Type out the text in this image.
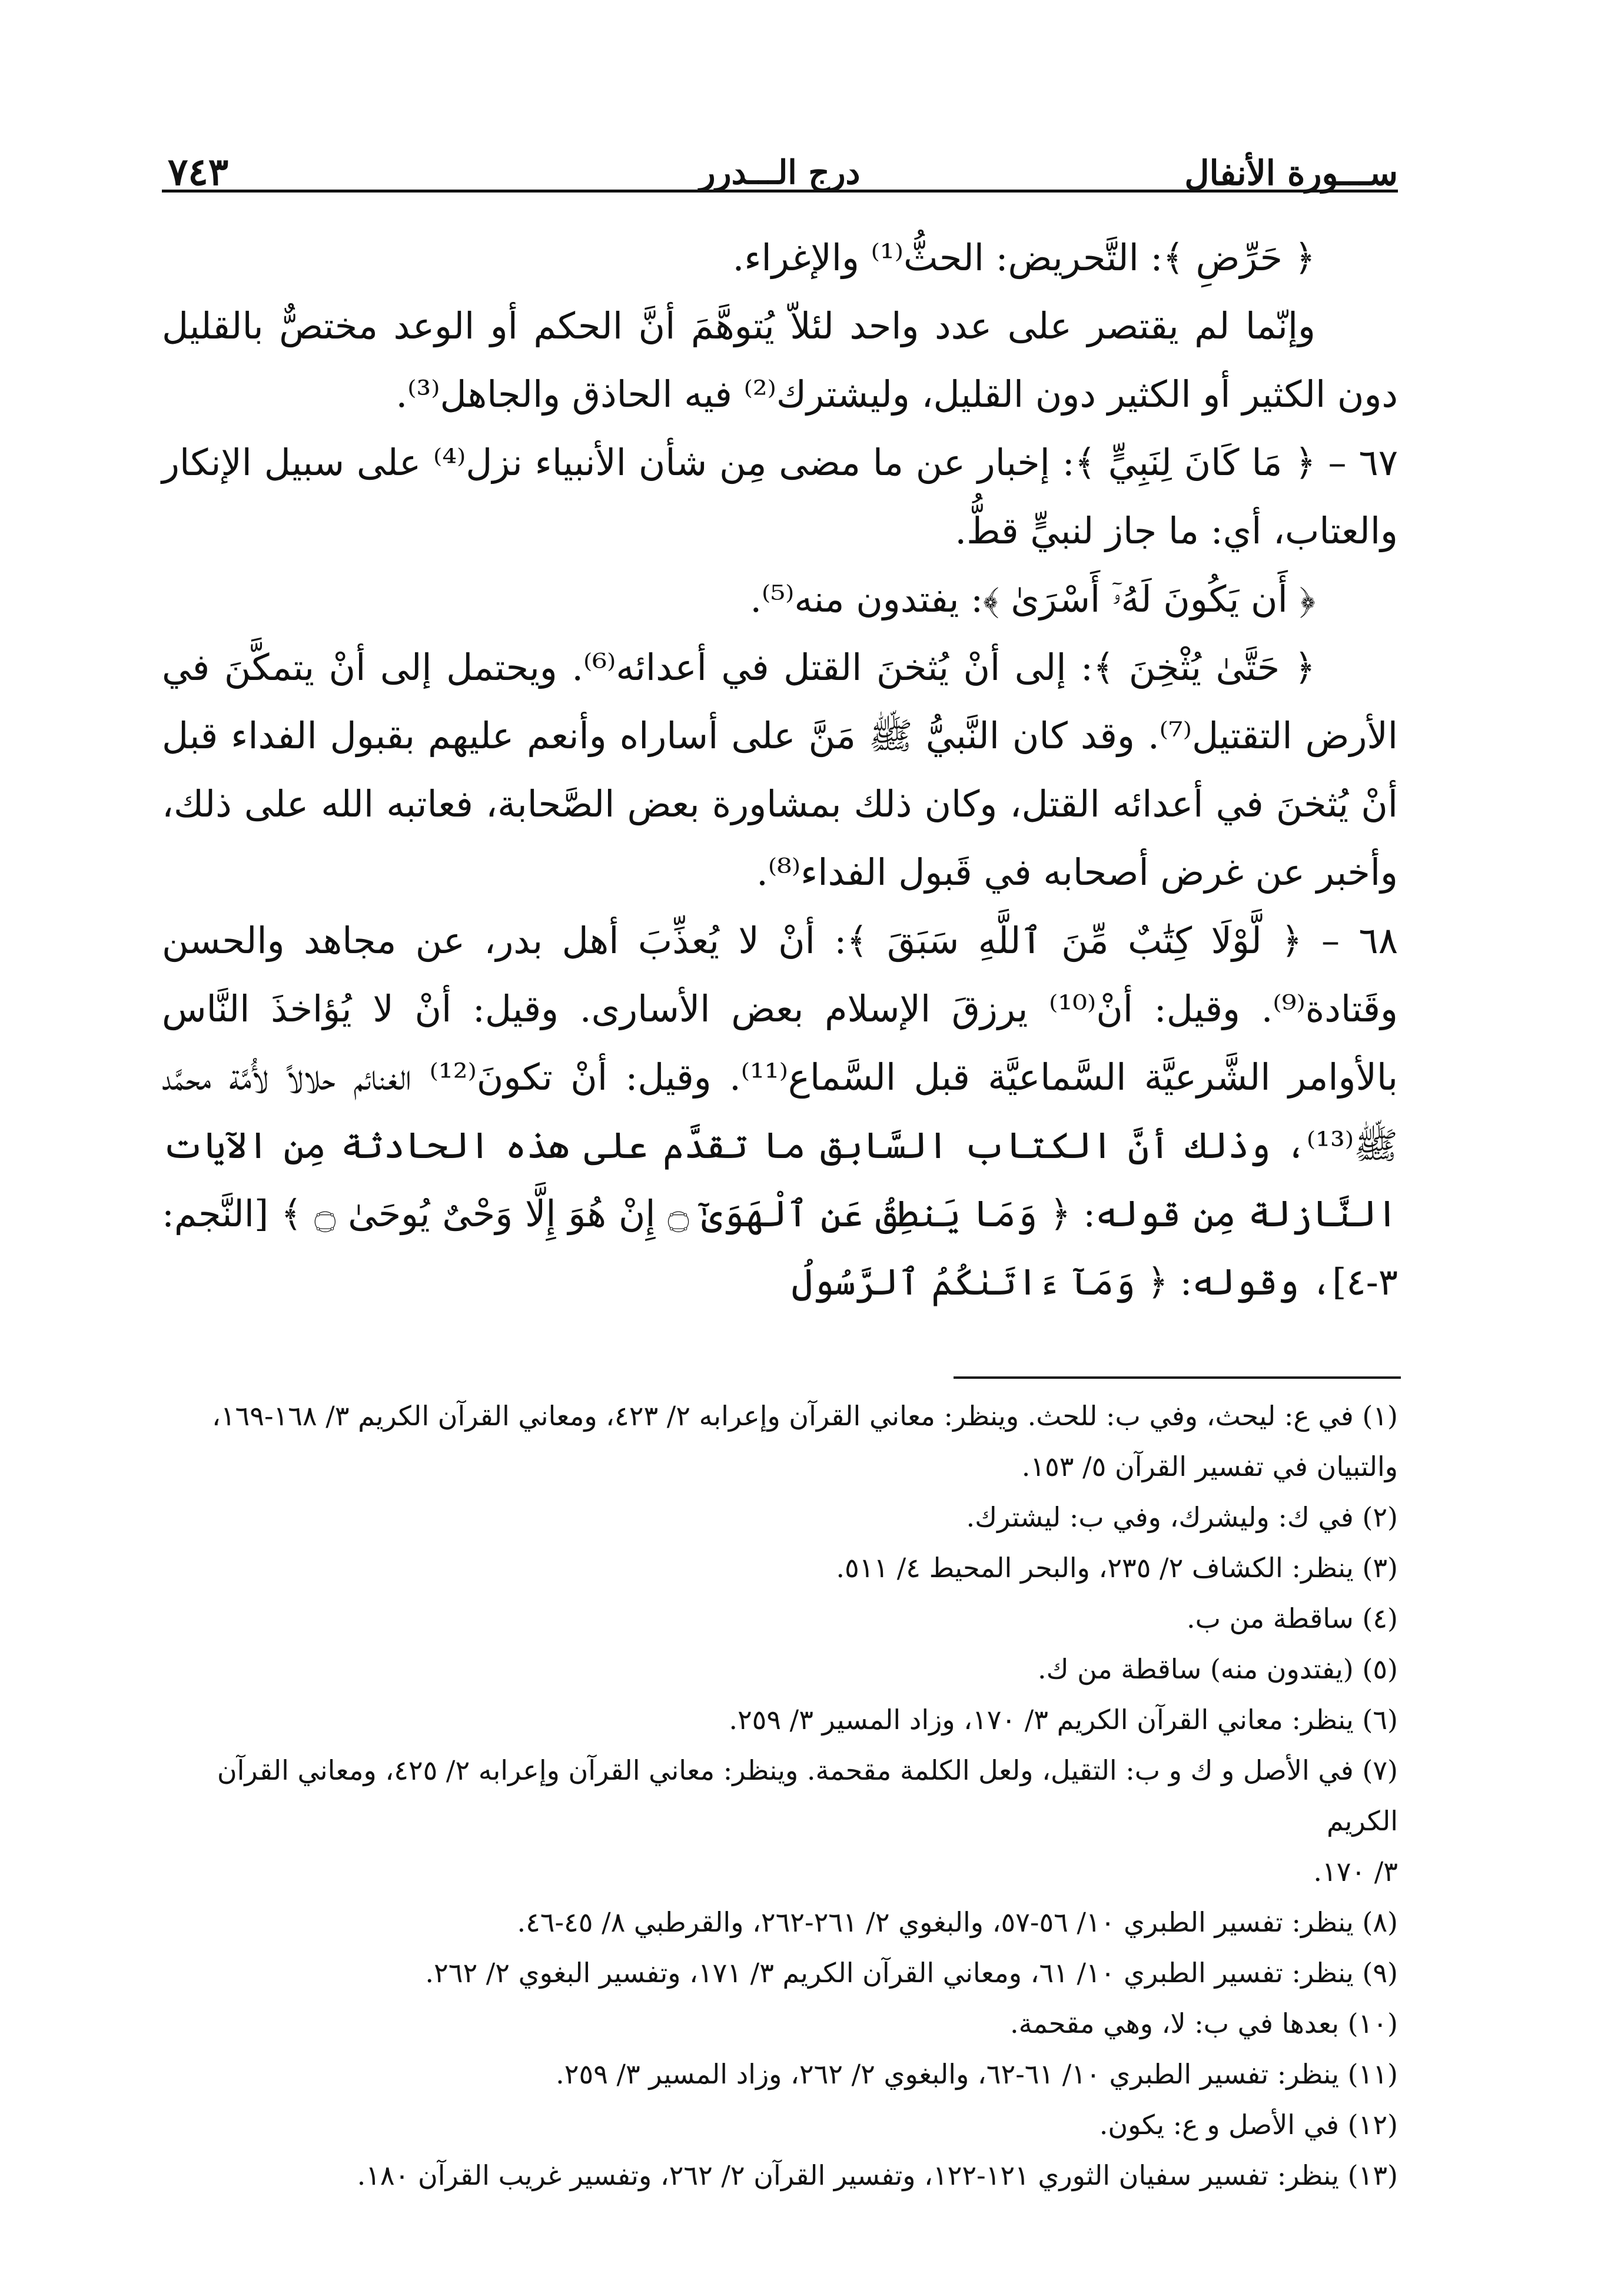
٧٤٣	درج الـــدرر	ســـورة الأنفال

﴿ حَرِّضِ ﴾: التَّحريض: الحثُّ⁽¹⁾ والإغراء.

وإنّما لم يقتصر على عدد واحد لئلاّ يُتوهَّمَ أنَّ الحكم أو الوعد مختصٌّ بالقليل دون الكثير أو الكثير دون القليل، وليشترك⁽²⁾ فيه الحاذق والجاهل⁽³⁾.

٦٧ – ﴿ مَا كَانَ لِنَبِيٍّ ﴾: إخبار عن ما مضى مِن شأن الأنبياء نزل⁽⁴⁾ على سبيل الإنكار والعتاب، أي: ما جاز لنبيٍّ قطُّ.

﴿ أَن يَكُونَ لَهُۥٓ أَسْرَىٰ ﴾: يفتدون منه⁽⁵⁾.

﴿ حَتَّىٰ يُثْخِنَ ﴾: إلى أنْ يُثخنَ القتل في أعدائه⁽⁶⁾. ويحتمل إلى أنْ يتمكَّنَ في الأرض التقتيل⁽⁷⁾. وقد كان النَّبيُّ ﷺ مَنَّ على أساراه وأنعم عليهم بقبول الفداء قبل أنْ يُثخنَ في أعدائه القتل، وكان ذلك بمشاورة بعض الصَّحابة، فعاتبه الله على ذلك، وأخبر عن غرض أصحابه في قَبول الفداء⁽⁸⁾.

٦٨ – ﴿ لَّوْلَا كِتَٰبٌ مِّنَ ٱللَّهِ سَبَقَ ﴾: أنْ لا يُعذِّبَ أهل بدر، عن مجاهد والحسن وقَتادة⁽⁹⁾. وقيل: أنْ⁽¹⁰⁾ يرزقَ الإسلام بعض الأسارى. وقيل: أنْ لا يُؤاخذَ النَّاس بالأوامر الشَّرعيَّة السَّماعيَّة قبل السَّماع⁽¹¹⁾. وقيل: أنْ تكونَ⁽¹²⁾ الغنائم حلالاً لأُمَّة محمَّد ﷺ⁽¹³⁾، وذلك أنَّ الكتاب السَّابق ما تقدَّم على هذه الحادثة مِن الآيات النَّازلة مِن قوله: ﴿ وَمَا يَنطِقُ عَنِ ٱلْهَوَىٰٓ ۝ إِنْ هُوَ إِلَّا وَحْىٌ يُوحَىٰ ۝ ﴾ [النَّجم: ٣-٤]، وقوله: ﴿ وَمَآ ءَاتَىٰكُمُ ٱلرَّسُولُ

(١) في ع: ليحث، وفي ب: للحث. وينظر: معاني القرآن وإعرابه ٢/ ٤٢٣، ومعاني القرآن الكريم ٣/ ١٦٨-١٦٩،

والتبيان في تفسير القرآن ٥/ ١٥٣.

(٢) في ك: وليشرك، وفي ب: ليشترك.

(٣) ينظر: الكشاف ٢/ ٢٣٥، والبحر المحيط ٤/ ٥١١.

(٤) ساقطة من ب.

(٥) (يفتدون منه) ساقطة من ك.

(٦) ينظر: معاني القرآن الكريم ٣/ ١٧٠، وزاد المسير ٣/ ٢٥٩.

(٧) في الأصل و ك و ب: التقيل، ولعل الكلمة مقحمة. وينظر: معاني القرآن وإعرابه ٢/ ٤٢٥، ومعاني القرآن الكريم

٣/ ١٧٠.

(٨) ينظر: تفسير الطبري ١٠/ ٥٦-٥٧، والبغوي ٢/ ٢٦١-٢٦٢، والقرطبي ٨/ ٤٥-٤٦.

(٩) ينظر: تفسير الطبري ١٠/ ٦١، ومعاني القرآن الكريم ٣/ ١٧١، وتفسير البغوي ٢/ ٢٦٢.

(١٠) بعدها في ب: لا، وهي مقحمة.

(١١) ينظر: تفسير الطبري ١٠/ ٦١-٦٢، والبغوي ٢/ ٢٦٢، وزاد المسير ٣/ ٢٥٩.

(١٢) في الأصل و ع: يكون.

(١٣) ينظر: تفسير سفيان الثوري ١٢١-١٢٢، وتفسير القرآن ٢/ ٢٦٢، وتفسير غريب القرآن ١٨٠.
